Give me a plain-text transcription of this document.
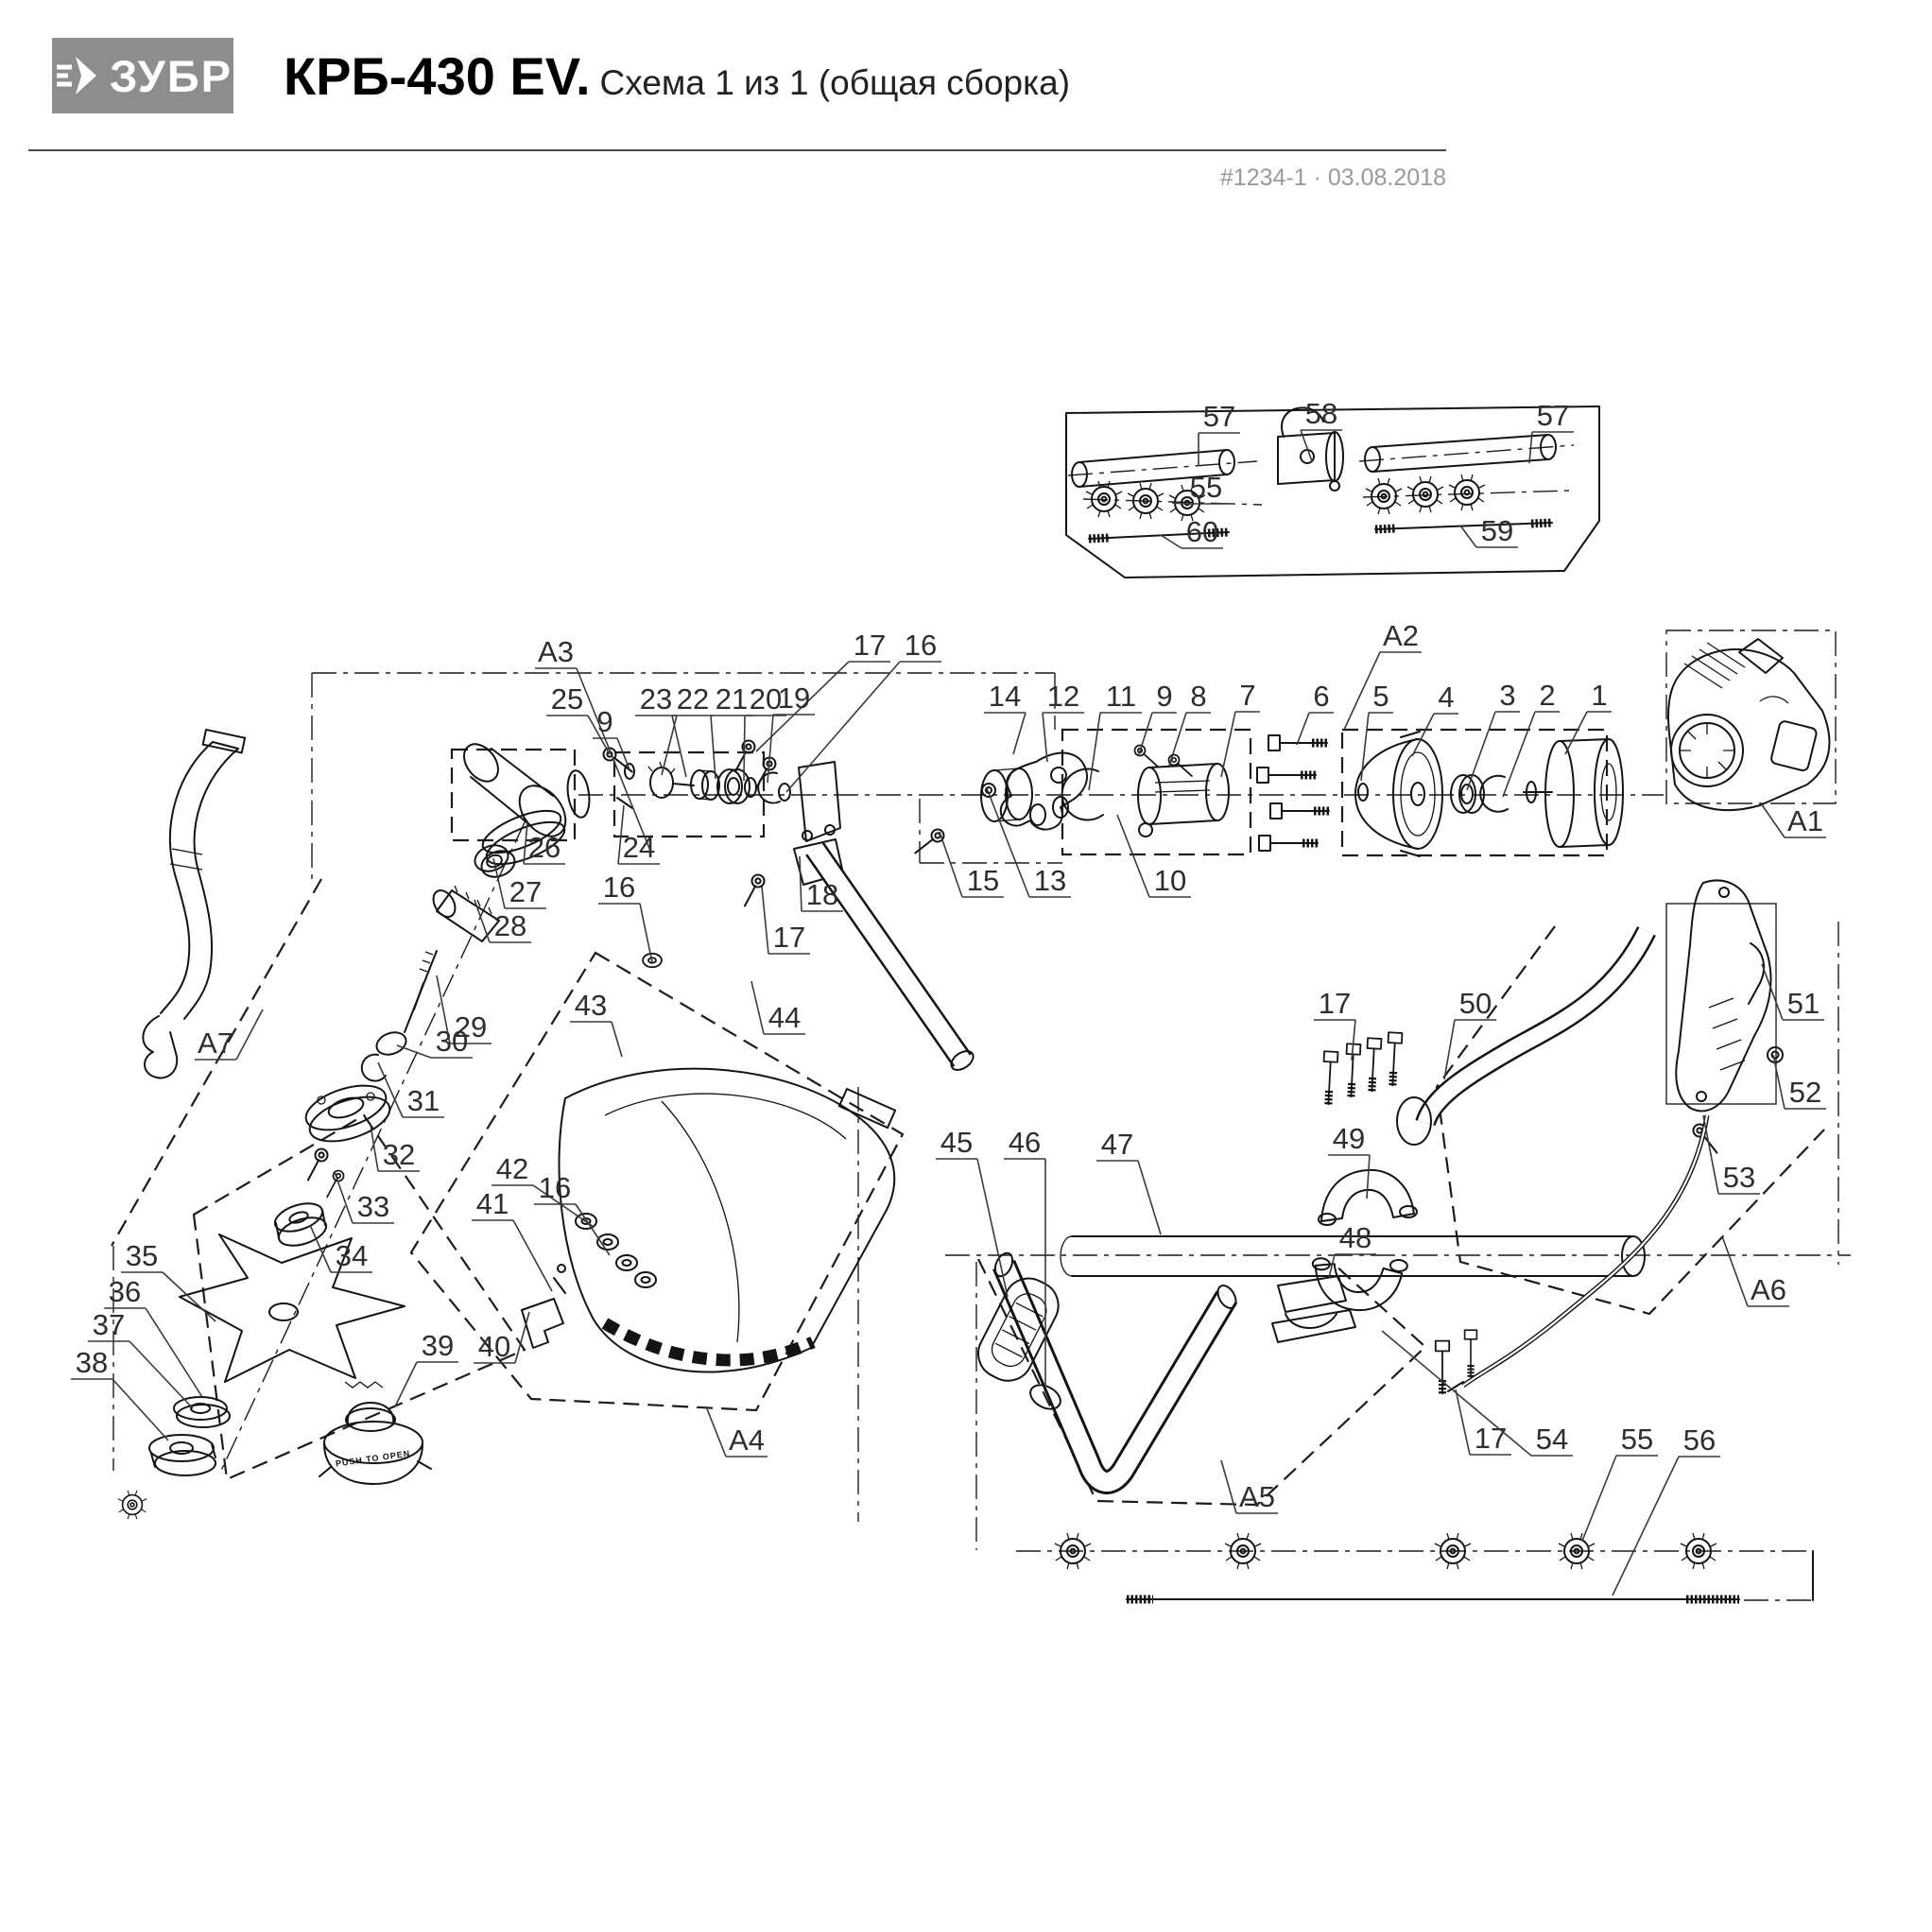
ЗУБР КРБ-430 EV. Схема 1 из 1 (общая сборка)
#1234-1 · 03.08.2018
PUSH TO OPEN
57 58	57
55
60	59
A3	17 16
25
9
23 22 21 20
19	14 12 11 9 8 7 6 5 4 3 2 1
A2
A1
26 24
27
28
16	18
17
15 13	10
29
43	44
30
31
32
33
34
35
36
37
38
A7
42
16
41
40
39
A4
17	50	51
52
49
53
48
A6
45 46 47
A5
17 54 55 56
